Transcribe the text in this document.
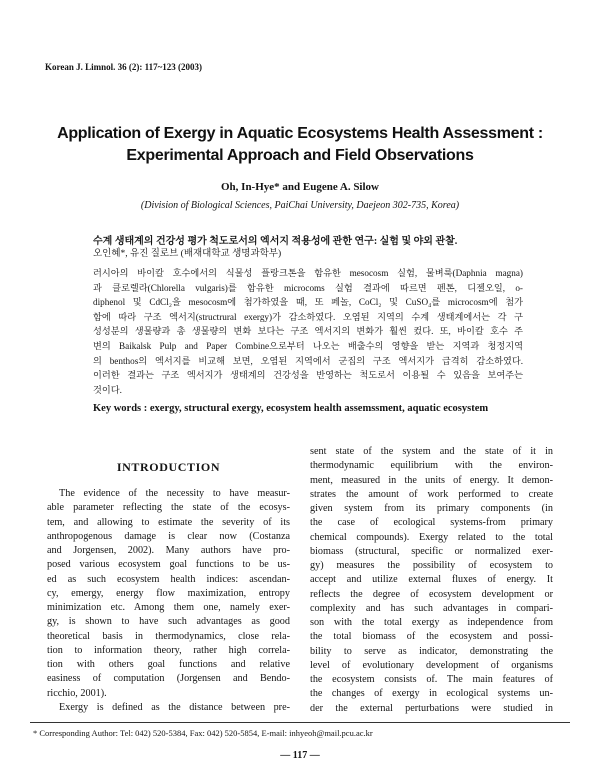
Korean J. Limnol. 36 (2): 117~123 (2003)
Application of Exergy in Aquatic Ecosystems Health Assessment :
Experimental Approach and Field Observations
Oh, In-Hye* and Eugene A. Silow
(Division of Biological Sciences, PaiChai University, Daejeon 302-735, Korea)
수계 생태계의 건강성 평가 척도로서의 엑서지 적용성에 관한 연구: 실험 및 야외 관찰.
오인혜*, 유진 질로브 (배재대학교 생명과학부)
러시아의 바이칼 호수에서의 식물성 플랑크톤을 함유한 mesocosm 실험, 물벼룩(Daphnia magna)
과 클로렐라(Chlorella vulgaris)를 함유한 microcoms 실험 결과에 따르면 펜톤, 디젤오일, o-
diphenol 및 CdCl₂을 mesocosm에 첨가하였을 때, 또 페놀, CoCl₂ 및 CuSO₄를 microcosm에 첨가
함에 따라 구조 엑서지(structrural exergy)가 감소하였다. 오염된 지역의 수계 생태계에서는 각 구
성성분의 생물량과 총 생물량의 변화 보다는 구조 엑서지의 변화가 훨씬 컸다. 또, 바이칼 호수 주
변의 Baikalsk Pulp and Paper Combine으로부터 나오는 배출수의 영향을 받는 지역과 청정지역
의 benthos의 엑서지를 비교해 보면, 오염된 지역에서 군집의 구조 엑서지가 급격히 감소하였다.
이러한 결과는 구조 엑서지가 생태계의 건강성을 반영하는 척도로서 이용될 수 있음을 보여주는
것이다.
Key words : exergy, structural exergy, ecosystem health assemssment, aquatic ecosystem
INTRODUCTION
The evidence of the necessity to have measur-
able parameter reflecting the state of the ecosys-
tem, and allowing to estimate the severity of its
anthropogenous damage is clear now (Costanza
and Jorgensen, 2002). Many authors have pro-
posed various ecosystem goal functions to be us-
ed as such ecosystem health indices: ascendan-
cy, emergy, energy flow maximization, entropy
minimization etc. Among them one, namely exer-
gy, is shown to have such advantages as good
theoretical basis in thermodynamics, close rela-
tion to information theory, rather high correla-
tion with others goal functions and relative
easiness of computation (Jorgensen and Bendo-
ricchio, 2001).
Exergy is defined as the distance between pre-
sent state of the system and the state of it in
thermodynamic equilibrium with the environ-
ment, measured in the units of energy. It demon-
strates the amount of work performed to create
given system from its primary components (in
the case of ecological systems-from primary
chemical compounds). Exergy related to the total
biomass (structural, specific or normalized exer-
gy) measures the possibility of ecosystem to
accept and utilize external fluxes of energy. It
reflects the degree of ecosystem development or
complexity and has such advantages in compari-
son with the total exergy as independence from
the total biomass of the ecosystem and possi-
bility to serve as indicator, demonstrating the
level of evolutionary development of organisms
the ecosystem consists of. The main features of
the changes of exergy in ecological systems un-
der the external perturbations were studied in
* Corresponding Author: Tel: 042) 520-5384, Fax: 042) 520-5854, E-mail: inhyeoh@mail.pcu.ac.kr
— 117 —
